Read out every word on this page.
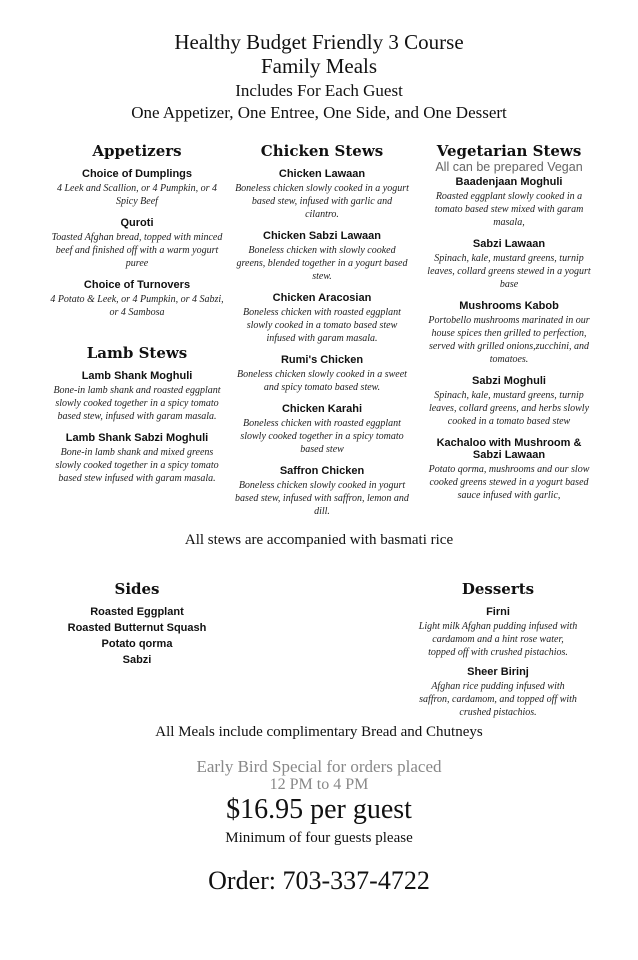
Healthy Budget Friendly 3 Course
Family Meals
Includes For Each Guest
One Appetizer, One Entree, One Side, and One Dessert
Appetizers
Choice of Dumplings

4 Leek and Scallion, or 4 Pumpkin, or 4 Spicy Beef

Quroti

Toasted Afghan bread, topped with minced beef and finished off with a warm yogurt puree

Choice of Turnovers

4 Potato & Leek, or 4 Pumpkin, or 4 Sabzi, or 4 Sambosa

Lamb Stews
Lamb Shank Moghuli

Bone-in lamb shank and roasted eggplant slowly cooked together in a spicy tomato based stew, infused with garam masala.

Lamb Shank Sabzi Moghuli

Bone-in lamb shank and mixed greens slowly cooked together in a spicy tomato based stew infused with garam masala.

Chicken Stews
Chicken Lawaan

Boneless chicken slowly cooked in a yogurt based stew, infused with garlic and cilantro.

Chicken Sabzi Lawaan

Boneless chicken with slowly cooked greens, blended together in a yogurt based stew.

Chicken Aracosian

Boneless chicken with roasted eggplant slowly cooked in a tomato based stew infused with garam masala.

Rumi's Chicken

Boneless chicken slowly cooked in a sweet and spicy tomato based stew.

Chicken Karahi

Boneless chicken with roasted eggplant slowly cooked together in a spicy tomato based stew

Saffron Chicken

Boneless chicken slowly cooked in yogurt based stew, infused with saffron, lemon and dill.

Vegetarian Stews

All can be prepared Vegan

Baadenjaan Moghuli

Roasted eggplant slowly cooked in a tomato based stew mixed with garam masala,

Sabzi Lawaan

Spinach, kale, mustard greens, turnip leaves, collard greens stewed in a yogurt base

Mushrooms Kabob

Portobello mushrooms marinated in our house spices then grilled to perfection, served with grilled onions,zucchini, and tomatoes.

Sabzi Moghuli

Spinach, kale, mustard greens, turnip leaves, collard greens, and herbs slowly cooked in a tomato based stew

Kachaloo with Mushroom & Sabzi Lawaan

Potato qorma, mushrooms and our slow cooked greens stewed in a yogurt based sauce infused with garlic,

All stews are accompanied with basmati rice
Sides
Roasted Eggplant
Roasted Butternut Squash
Potato qorma
Sabzi
Desserts
Firni

Light milk Afghan pudding infused with cardamom and a hint rose water, topped off with crushed pistachios.

Sheer Birinj

Afghan rice pudding infused with saffron, cardamom, and topped off with crushed pistachios.

All Meals include complimentary Bread and Chutneys
Early Bird Special for orders placed
12 PM to 4 PM
$16.95 per guest
Minimum of four guests please
Order: 703-337-4722
